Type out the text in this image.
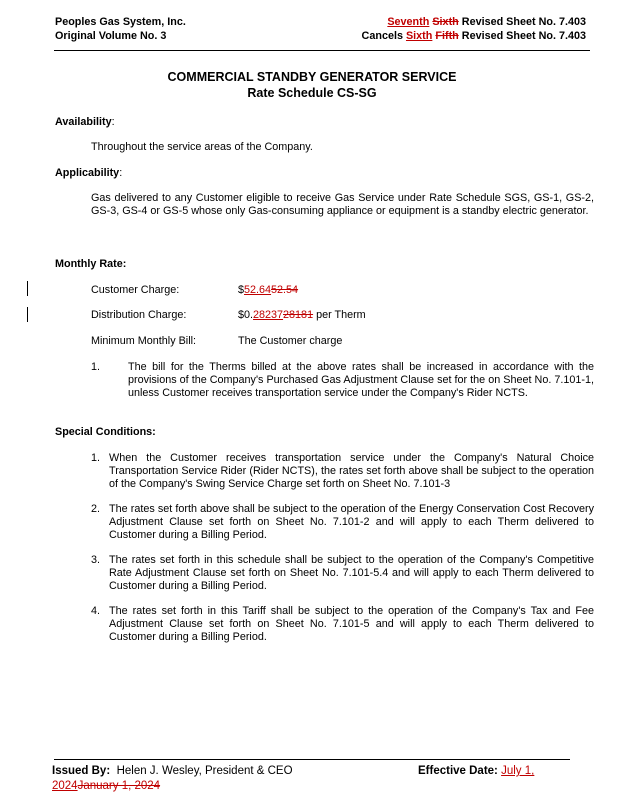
Peoples Gas System, Inc.
Original Volume No. 3
Seventh Sixth Revised Sheet No. 7.403
Cancels Sixth Fifth Revised Sheet No. 7.403
COMMERCIAL STANDBY GENERATOR SERVICE
Rate Schedule CS-SG
Availability:
Throughout the service areas of the Company.
Applicability:
Gas delivered to any Customer eligible to receive Gas Service under Rate Schedule SGS, GS-1, GS-2, GS-3, GS-4 or GS-5 whose only Gas-consuming appliance or equipment is a standby electric generator.
Monthly Rate:
Customer Charge:	$52.6452.54
Distribution Charge:	$0.2823728181 per Therm
Minimum Monthly Bill:	The Customer charge
1.	The bill for the Therms billed at the above rates shall be increased in accordance with the provisions of the Company's Purchased Gas Adjustment Clause set for the on Sheet No. 7.101-1, unless Customer receives transportation service under the Company's Rider NCTS.
Special Conditions:
1. When the Customer receives transportation service under the Company's Natural Choice Transportation Service Rider (Rider NCTS), the rates set forth above shall be subject to the operation of the Company's Swing Service Charge set forth on Sheet No. 7.101-3
2. The rates set forth above shall be subject to the operation of the Energy Conservation Cost Recovery Adjustment Clause set forth on Sheet No. 7.101-2 and will apply to each Therm delivered to Customer during a Billing Period.
3. The rates set forth in this schedule shall be subject to the operation of the Company's Competitive Rate Adjustment Clause set forth on Sheet No. 7.101-5.4 and will apply to each Therm delivered to Customer during a Billing Period.
4. The rates set forth in this Tariff shall be subject to the operation of the Company's Tax and Fee Adjustment Clause set forth on Sheet No. 7.101-5 and will apply to each Therm delivered to Customer during a Billing Period.
Issued By: Helen J. Wesley, President & CEO	Effective Date: July 1,
2024January 1, 2024
